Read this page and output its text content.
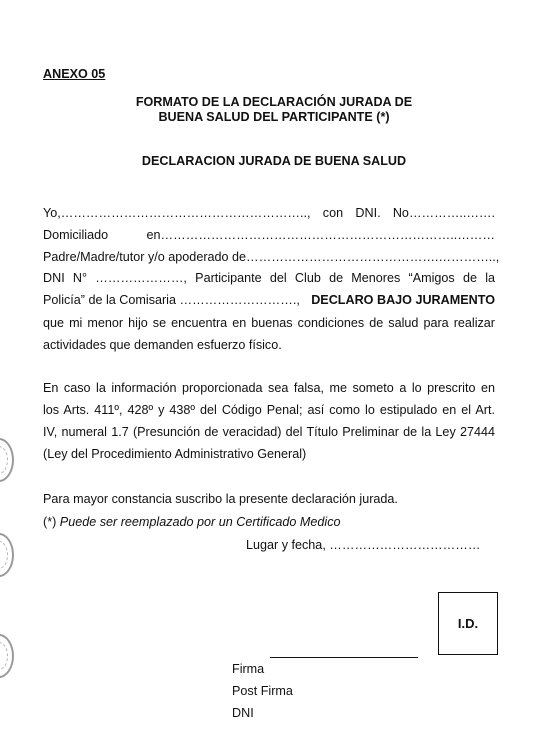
ANEXO 05
FORMATO DE LA DECLARACIÓN JURADA DE
BUENA SALUD DEL PARTICIPANTE (*)
DECLARACION JURADA DE BUENA SALUD
Yo,………………………………………………….., con DNI. No…………..…….
Domiciliado en……………………………………………………………..………
Padre/Madre/tutor y/o apoderado de……………………………………….…………..,
DNI N° …………………, Participante del Club de Menores “Amigos de la
Policía” de la Comisaria ………………………., DECLARO BAJO JURAMENTO
que mi menor hijo se encuentra en buenas condiciones de salud para realizar
actividades que demanden esfuerzo físico.
En caso la información proporcionada sea falsa, me someto a lo prescrito en
los Arts. 411º, 428º y 438º del Código Penal; así como lo estipulado en el Art.
IV, numeral 1.7 (Presunción de veracidad) del Título Preliminar de la Ley 27444
(Ley del Procedimiento Administrativo General)
Para mayor constancia suscribo la presente declaración jurada.
(*) Puede ser reemplazado por un Certificado Medico
Lugar y fecha, ………………………………
I.D.
Firma
Post Firma
DNI
